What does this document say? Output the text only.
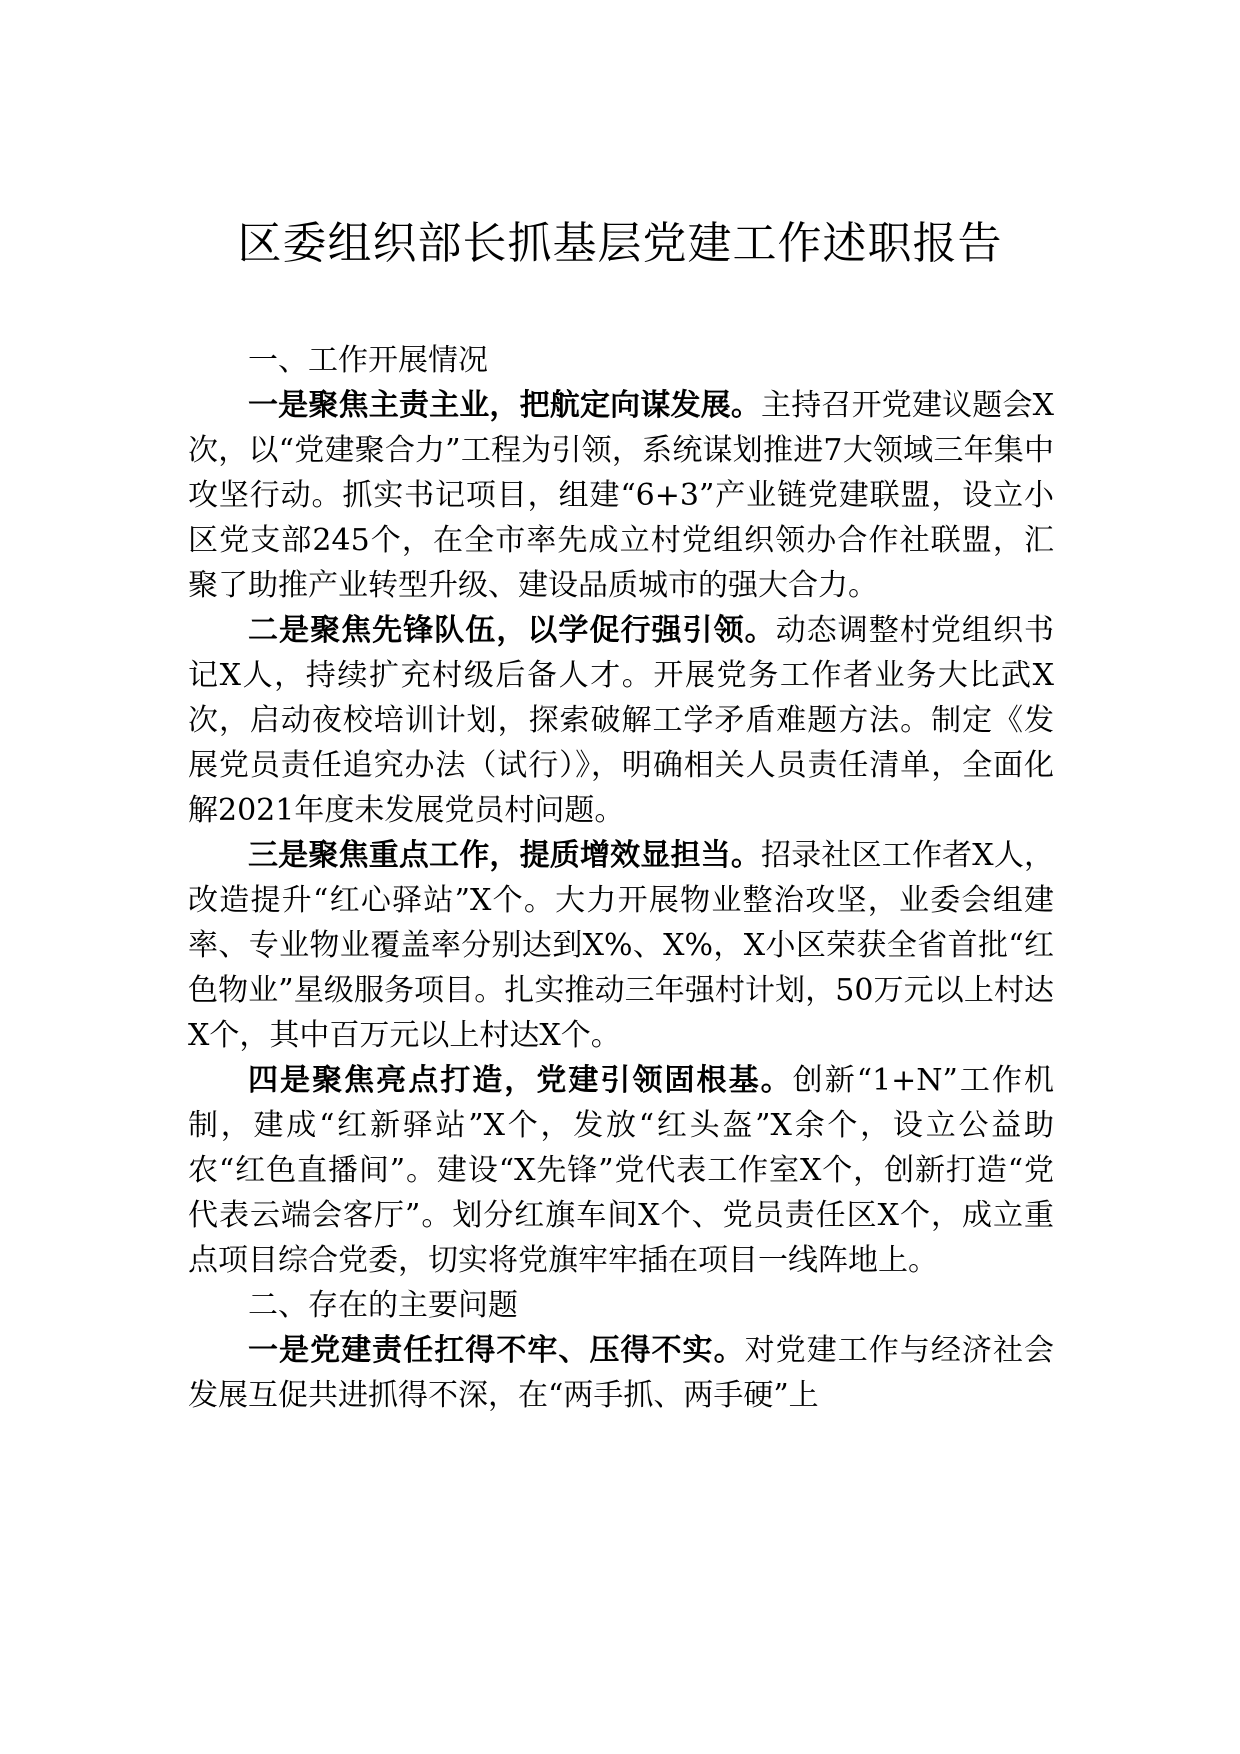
区委组织部长抓基层党建工作述职报告

一、工作开展情况

一是聚焦主责主业，把航定向谋发展。主持召开党建议题会X次，以“党建聚合力”工程为引领，系统谋划推进7大领域三年集中攻坚行动。抓实书记项目，组建“6+3”产业链党建联盟，设立小区党支部245个，在全市率先成立村党组织领办合作社联盟，汇聚了助推产业转型升级、建设品质城市的强大合力。

二是聚焦先锋队伍，以学促行强引领。动态调整村党组织书记X人，持续扩充村级后备人才。开展党务工作者业务大比武X次，启动夜校培训计划，探索破解工学矛盾难题方法。制定《发展党员责任追究办法（试行）》，明确相关人员责任清单，全面化解2021年度未发展党员村问题。

三是聚焦重点工作，提质增效显担当。招录社区工作者X人，改造提升“红心驿站”X个。大力开展物业整治攻坚，业委会组建率、专业物业覆盖率分别达到X%、X%，X小区荣获全省首批“红色物业”星级服务项目。扎实推动三年强村计划，50万元以上村达X个，其中百万元以上村达X个。

四是聚焦亮点打造，党建引领固根基。创新“1+N”工作机制，建成“红新驿站”X个，发放“红头盔”X余个，设立公益助农“红色直播间”。建设“X先锋”党代表工作室X个，创新打造“党代表云端会客厅”。划分红旗车间X个、党员责任区X个，成立重点项目综合党委，切实将党旗牢牢插在项目一线阵地上。

二、存在的主要问题

一是党建责任扛得不牢、压得不实。对党建工作与经济社会发展互促共进抓得不深，在“两手抓、两手硬”上
